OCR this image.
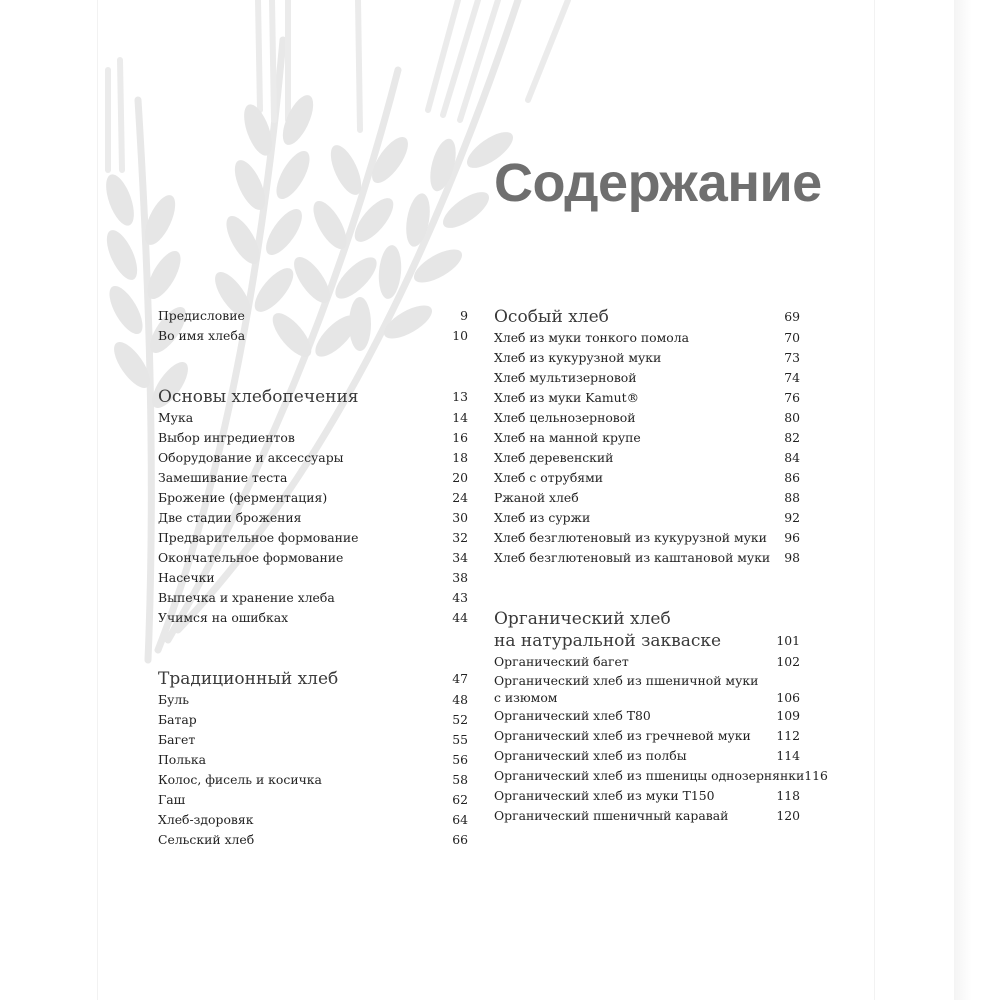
Содержание
Предисловие	9
Во имя хлеба	10
Основы хлебопечения	13
Мука	14
Выбор ингредиентов	16
Оборудование и аксессуары	18
Замешивание теста	20
Брожение (ферментация)	24
Две стадии брожения	30
Предварительное формование	32
Окончательное формование	34
Насечки	38
Выпечка и хранение хлеба	43
Учимся на ошибках	44
Традиционный хлеб	47
Буль	48
Батар	52
Багет	55
Полька	56
Колос, фисель и косичка	58
Гаш	62
Хлеб-здоровяк	64
Сельский хлеб	66
Особый хлеб	69
Хлеб из муки тонкого помола	70
Хлеб из кукурузной муки	73
Хлеб мультизерновой	74
Хлеб из муки Kamut®	76
Хлеб цельнозерновой	80
Хлеб на манной крупе	82
Хлеб деревенский	84
Хлеб с отрубями	86
Ржаной хлеб	88
Хлеб из суржи	92
Хлеб безглютеновый из кукурузной муки	96
Хлеб безглютеновый из каштановой муки	98
Органический хлеб
на натуральной закваске	101
Органический багет	102
Органический хлеб из пшеничной муки
с изюмом	106
Органический хлеб T80	109
Органический хлеб из гречневой муки	112
Органический хлеб из полбы	114
Органический хлеб из пшеницы однозернянки 116
Органический хлеб из муки T150	118
Органический пшеничный каравай	120
